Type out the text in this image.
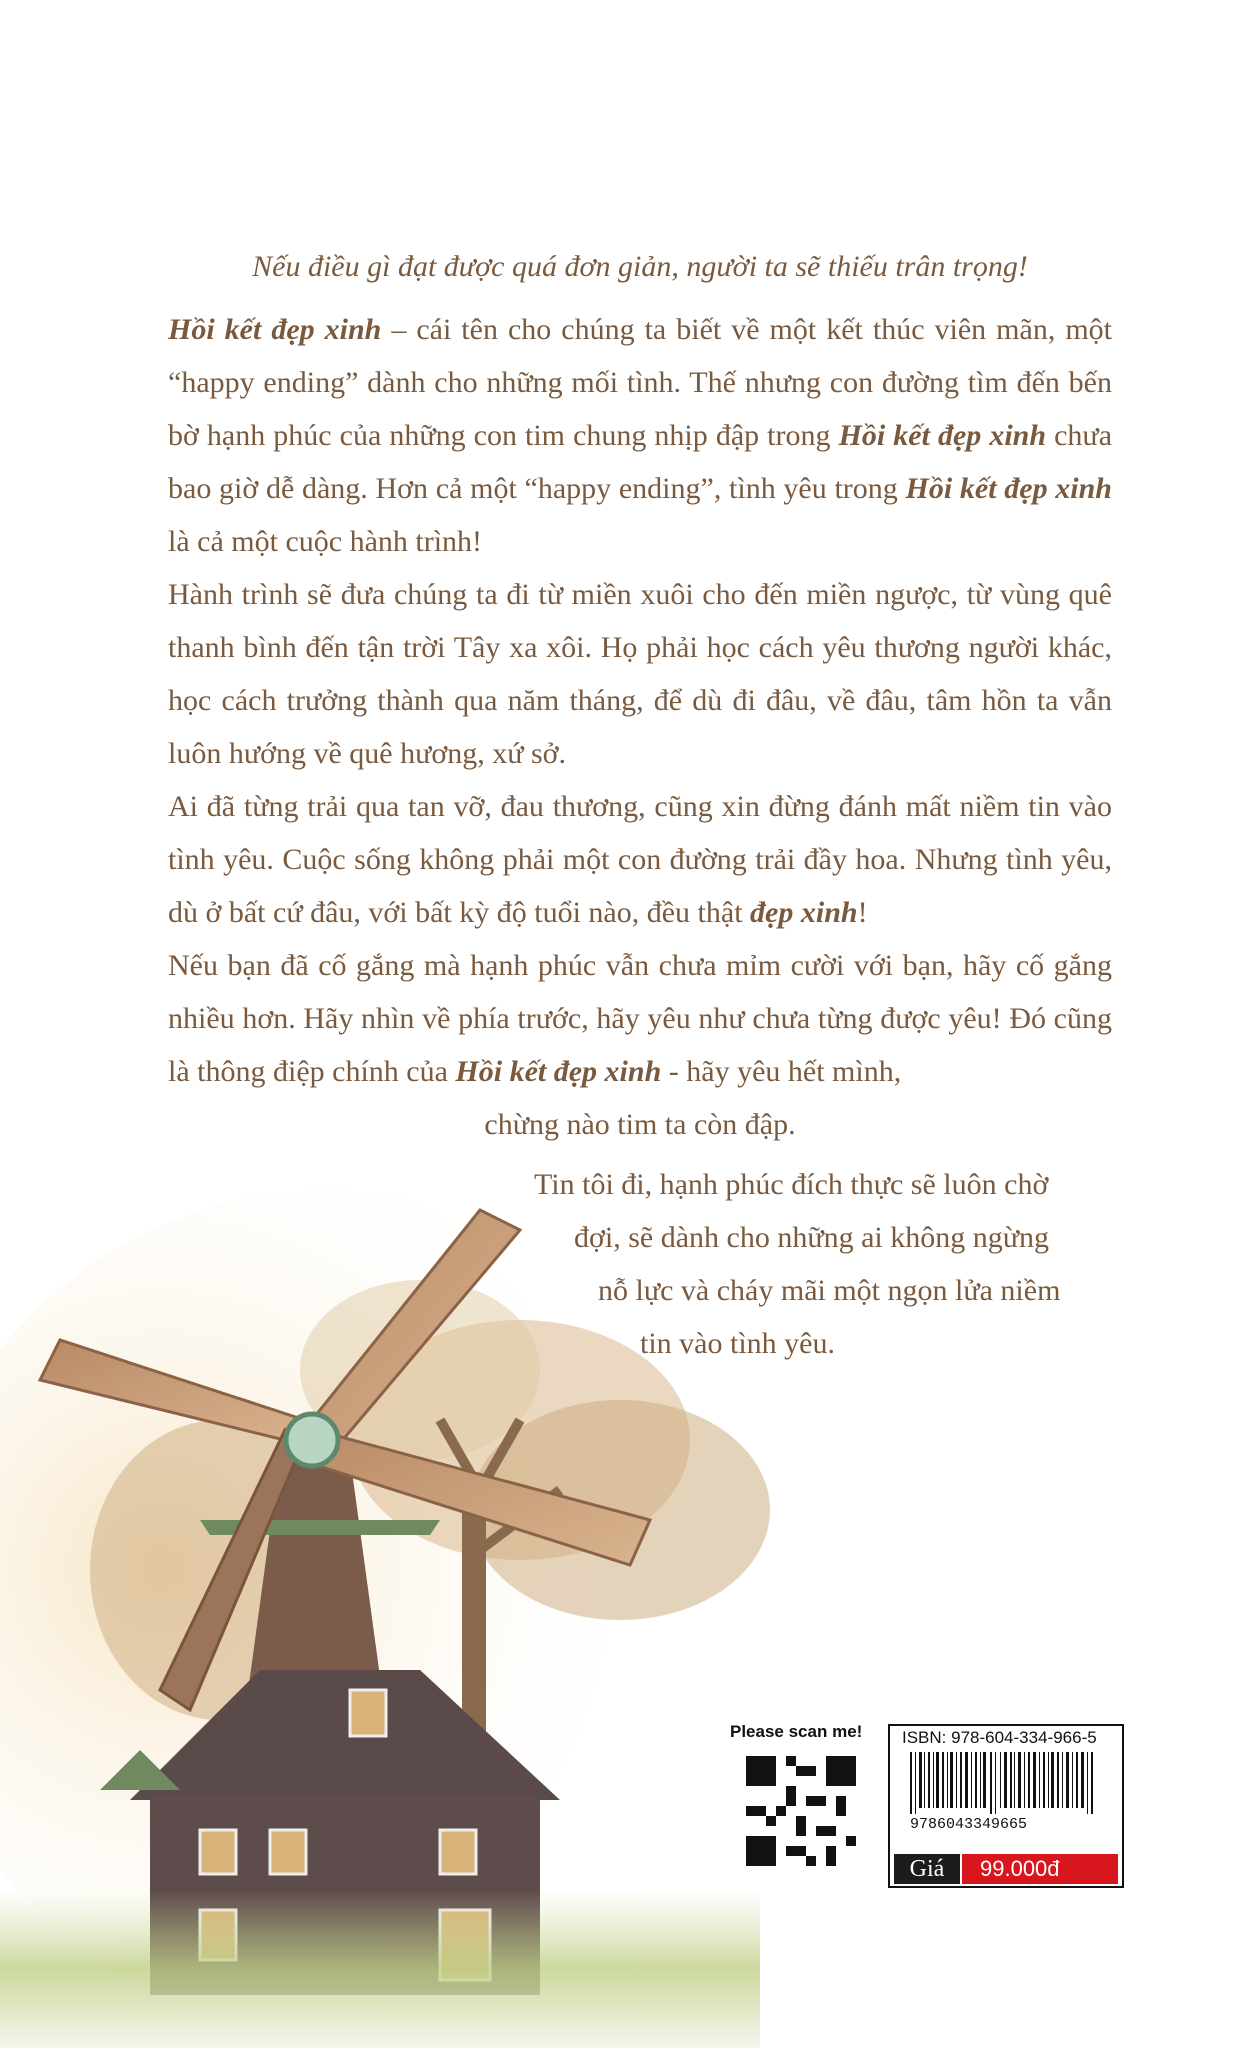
Nếu điều gì đạt được quá đơn giản, người ta sẽ thiếu trân trọng!

Hồi kết đẹp xinh – cái tên cho chúng ta biết về một kết thúc viên mãn, một “happy ending” dành cho những mối tình. Thế nhưng con đường tìm đến bến bờ hạnh phúc của những con tim chung nhịp đập trong Hồi kết đẹp xinh chưa bao giờ dễ dàng. Hơn cả một “happy ending”, tình yêu trong Hồi kết đẹp xinh là cả một cuộc hành trình!

Hành trình sẽ đưa chúng ta đi từ miền xuôi cho đến miền ngược, từ vùng quê thanh bình đến tận trời Tây xa xôi. Họ phải học cách yêu thương người khác, học cách trưởng thành qua năm tháng, để dù đi đâu, về đâu, tâm hồn ta vẫn luôn hướng về quê hương, xứ sở.

Ai đã từng trải qua tan vỡ, đau thương, cũng xin đừng đánh mất niềm tin vào tình yêu. Cuộc sống không phải một con đường trải đầy hoa. Nhưng tình yêu, dù ở bất cứ đâu, với bất kỳ độ tuổi nào, đều thật đẹp xinh!

Nếu bạn đã cố gắng mà hạnh phúc vẫn chưa mỉm cười với bạn, hãy cố gắng nhiều hơn. Hãy nhìn về phía trước, hãy yêu như chưa từng được yêu! Đó cũng là thông điệp chính của Hồi kết đẹp xinh - hãy yêu hết mình,

chừng nào tim ta còn đập.

Tin tôi đi, hạnh phúc đích thực sẽ luôn chờ
đợi, sẽ dành cho những ai không ngừng
nỗ lực và cháy mãi một ngọn lửa niềm
tin vào tình yêu.
Please scan me!	ISBN: 978-604-334-966-5
9786043349665
Giá	99.000đ
